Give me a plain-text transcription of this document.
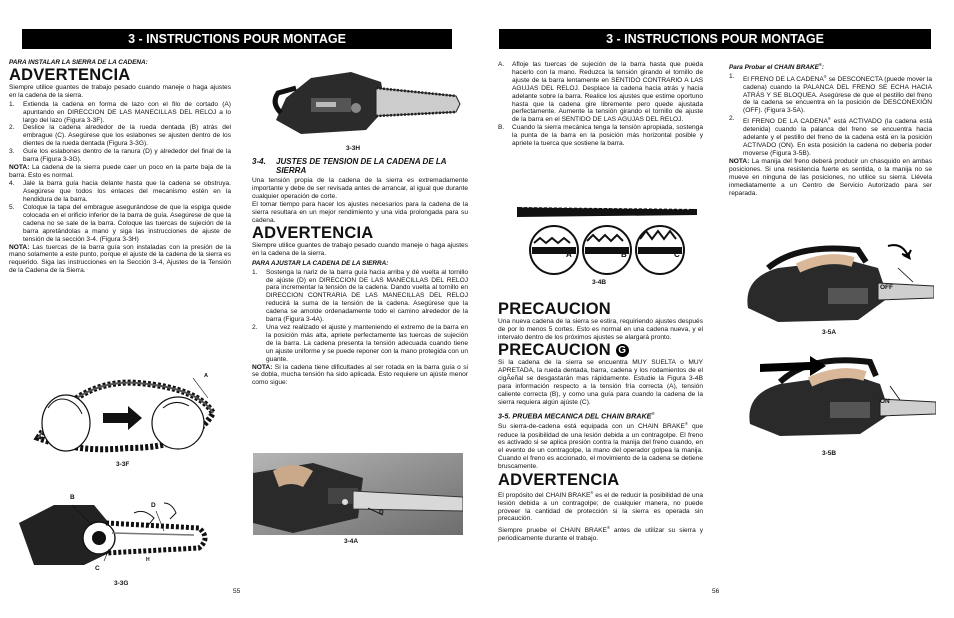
3 - INSTRUCTIONS POUR MONTAGE

PARA INSTALAR LA SIERRA DE LA CADENA:

ADVERTENCIA

Siempre utilice guantes de trabajo pesado cuando maneje o haga ajustes en la cadena de la sierra.

1.	Extienda la cadena en forma de lazo con el filo de cortado (A) apuntando en DIRECCION DE LAS MANECILLAS DEL RELOJ a lo largo del lazo (Figura 3-3F).
2.	Deslice la cadena alrededor de la rueda dentada (B) atrás del embrague (C). Asegúrese que los eslabones se ajusten dentro de los dientes de la rueda dentada (Figura 3-3G).
3.	Guíe los eslabones dentro de la ranura (D) y alrededor del final de la barra (Figura 3-3G).

NOTA: La cadena de la sierra puede caer un poco en la parte baja de la barra. Esto es normal.

4.	Jale la barra guía hacia delante hasta que la cadena se obstruya. Asegúrese que todos los enlaces del mecanismo estén en la hendidura de la barra.
5.	Coloque la tapa del embrague asegurándose de que la espiga quede colocada en el orificio inferior de la barra de guía. Asegúrese de que la cadena no se sale de la barra. Coloque las tuercas de sujeción de la barra apretándolas a mano y siga las instrucciones de ajuste de tensión de la sección 3-4. (Figura 3-3H)

NOTA: Las tuercas de la barra guía son instaladas con la presión de la mano solamente a este punto, porque el ajuste de la cadena de la sierra es requerido. Siga las instrucciones en la Sección 3-4, Ajustes de la Tensión de la Cadena de la Sierra.

A
3-3F
B
D
C
H
3-3G
3-3H
3-4.	JUSTES DE TENSION DE LA CADENA DE LA SIERRA

Una tensión propia de la cadena de la sierra es extremadamente importante y debe de ser revisada antes de arrancar, al igual que durante cualquier operación de corte.

El tomar tiempo para hacer los ajustes necesarios para la cadena de la sierra resultara en un mejor rendimiento y una vida prolongada para su cadena.

ADVERTENCIA

Siempre utilice guantes de trabajo pesado cuando maneje o haga ajustes en la cadena de la sierra.

PARA AJUSTAR LA CADENA DE LA SIERRA:

1.	Sostenga la nariz de la barra guía hacia arriba y dé vuelta al tornillo de ajúste (D) en DIRECCION DE LAS MANECILLAS DEL RELOJ para incrementar la tensión de la cadena. Dando vuelta al tornillo en DIRECCION CONTRARIA DE LAS MANECILLAS DEL RELOJ reducirá la suma de la tensión de la cadena. Asegúrese que la cadena se amolde ordenadamente todo el camino alrededor de la barra (Figura 3-4A).
2.	Una vez realizado el ajuste y manteniendo el extremo de la barra en la posición más alta, apriete perfectamente las tuercas de sujeción de la barra. La cadena presenta la tensión adecuada cuando tiene un ajuste uniforme y se puede reponer con la mano protegida con un guante.

NOTA: Si la cadena tiene dificultades al ser rotada en la barra guía o si se dobla, mucha tensión ha sido aplicada. Esto requiere un ajúste menor como sigue:

D
3-4A
55
3 - INSTRUCTIONS POUR MONTAGE
A.	Afloje las tuercas de sujeción de la barra hasta que pueda hacerlo con la mano. Reduzca la tensión girando el tornillo de ajuste de la barra lentamente en SENTIDO CONTRARIO A LAS AGUJAS DEL RELOJ. Desplace la cadena hacia atrás y hacia adelante sobre la barra. Realice los ajustes que estime oportuno hasta que la cadena gire libremente pero quede ajustada perfectamente. Aumente la tensión girando el tornillo de ajuste de la barra en el SENTIDO DE LAS AGUJAS DEL RELOJ.
B.	Cuando la sierra mecánica tenga la tensión apropiada, sostenga la punta de la barra en la posición más horizontal posible y apriete la tuerca que sostiene la barra.
A	B	C
3-4B

PRECAUCION

Una nueva cadena de la sierra se estira, requiriendo ajustes después de por lo menos 5 cortes. Esto es normal en una cadena nueva, y el intervalo dentro de los próximos ajustes se alargará pronto.

PRECAUCION G

Si la cadena de la sierra se encuentra MUY SUELTA o MUY APRETADA, la rueda dentada, barra, cadena y los rodamientos de el cigÃeñal se desgastarán mas rápidamente. Estudie la Figura 3-4B para información respecto a la tensión fría correcta (A), tensión caliente correcta (B), y como una guía para cuando la cadena de la sierra requiera algún ajúste (C).

3-5. PRUEBA MECANICA DEL CHAIN BRAKE®

Su sierra-de-cadena está equipada con un CHAIN BRAKE® que reduce la posibilidad de una lesión debida a un contragolpe. El freno es activado si se aplica presión contra la manija del freno cuando, en el evento de un contragolpe, la mano del operador golpea la manija. Cuando el freno es accionado, el movimiento de la cadena se detiene bruscamente.

ADVERTENCIA

El propósito del CHAIN BRAKE® es el de reducir la posibilidad de una lesión debida a un contragolpe; de cualquier manera, no puede proveer la cantidad de protección si la sierra es operada sin precaución.

Siempre pruebe el CHAIN BRAKE® antes de utilizar su sierra y periodicamente durante el trabajo.

Para Probar el CHAIN BRAKE®:

1.	El FRENO DE LA CADENA® se DESCONECTA (puede mover la cadena) cuando la PALANCA DEL FRENO SE ECHA HACIA ATRÁS Y SE BLOQUEA. Asegúrese de que el pestillo del freno de la cadena se encuentra en la posición de DESCONEXIÓN (OFF). (Figura 3-5A).
2.	El FRENO DE LA CADENA® está ACTIVADO (la cadena está detenida) cuando la palanca del freno se encuentra hacia adelante y el pestillo del freno de la cadena está en la posición ACTIVADO (ON). En esta posición la cadena no debería poder moverse (Figura 3-5B).

NOTA: La manija del freno deberá producir un chasquido en ambas posiciones. Si una resistencia fuerte es sentida, o la manija no se mueve en ninguna de las posiciones, no utilice su sierra. Llévela inmediatamente a un Centro de Servicio Autorizado para ser reparada.

OFF
3-5A
ON
3-5B
56
